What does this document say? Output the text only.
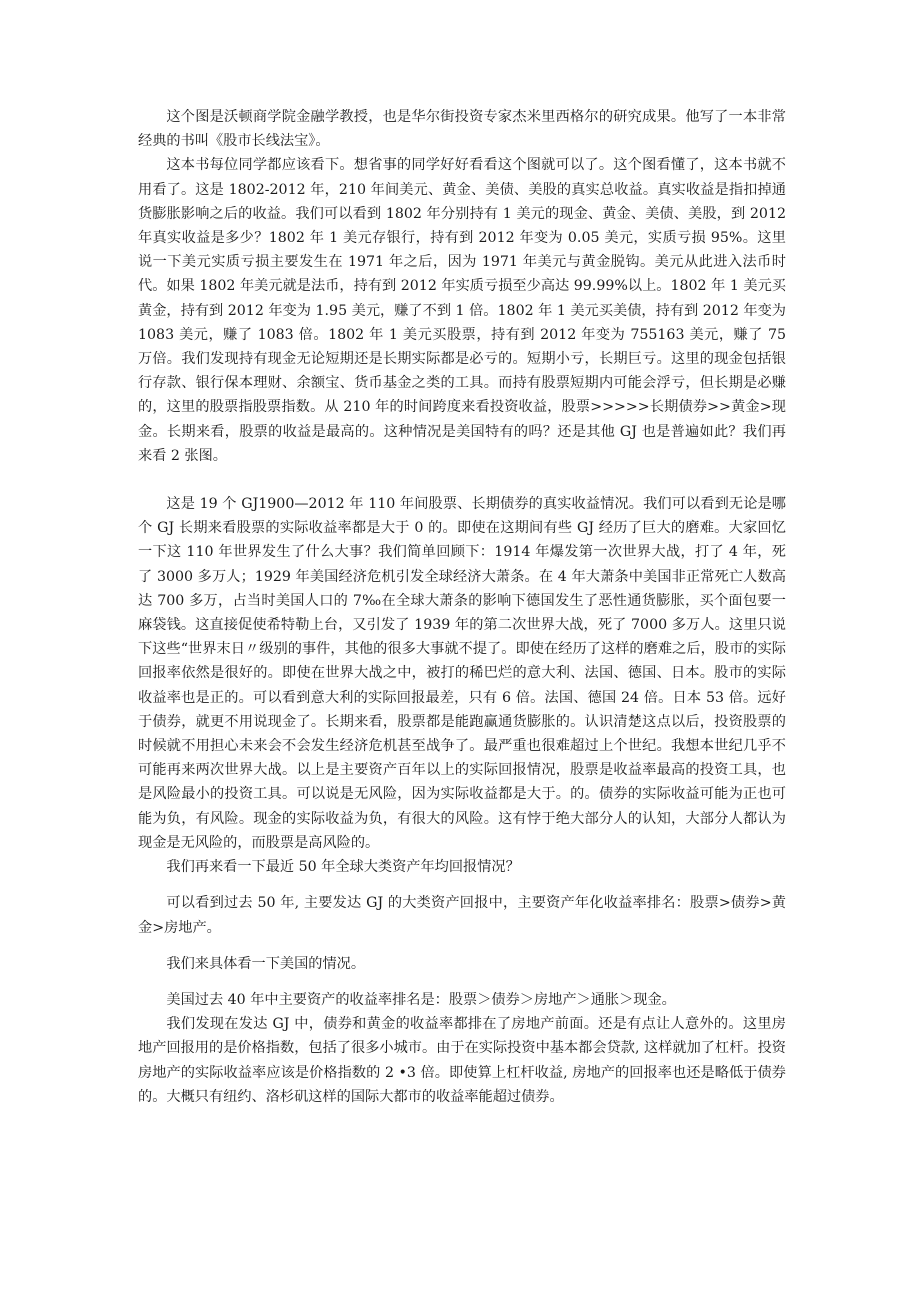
这个图是沃顿商学院金融学教授，也是华尔街投资专家杰米里西格尔的研究成果。他写了一本非常经典的书叫《股市长线法宝》。

这本书每位同学都应该看下。想省事的同学好好看看这个图就可以了。这个图看懂了，这本书就不用看了。这是 1802-2012 年，210 年间美元、黄金、美债、美股的真实总收益。真实收益是指扣掉通货膨胀影响之后的收益。我们可以看到 1802 年分别持有 1 美元的现金、黄金、美债、美股，到 2012 年真实收益是多少？1802 年 1 美元存银行，持有到 2012 年变为 0.05 美元，实质亏损 95%。这里说一下美元实质亏损主要发生在 1971 年之后，因为 1971 年美元与黄金脱钩。美元从此进入法币时代。如果 1802 年美元就是法币，持有到 2012 年实质亏损至少高达 99.99%以上。1802 年 1 美元买黄金，持有到 2012 年变为 1.95 美元，赚了不到 1 倍。1802 年 1 美元买美债，持有到 2012 年变为 1083 美元，赚了 1083 倍。1802 年 1 美元买股票，持有到 2012 年变为 755163 美元，赚了 75 万倍。我们发现持有现金无论短期还是长期实际都是必亏的。短期小亏，长期巨亏。这里的现金包括银行存款、银行保本理财、余额宝、货币基金之类的工具。而持有股票短期内可能会浮亏，但长期是必赚的，这里的股票指股票指数。从 210 年的时间跨度来看投资收益，股票>>>>>长期债券>>黄金>现金。长期来看，股票的收益是最高的。这种情况是美国特有的吗？还是其他 GJ 也是普遍如此？我们再来看 2 张图。

这是 19 个 GJ1900—2012 年 110 年间股票、长期债券的真实收益情况。我们可以看到无论是哪个 GJ 长期来看股票的实际收益率都是大于 0 的。即使在这期间有些 GJ 经历了巨大的磨难。大家回忆一下这 110 年世界发生了什么大事？我们简单回顾下：1914 年爆发第一次世界大战，打了 4 年，死了 3000 多万人；1929 年美国经济危机引发全球经济大萧条。在 4 年大萧条中美国非正常死亡人数高达 700 多万，占当时美国人口的 7‰在全球大萧条的影响下德国发生了恶性通货膨胀，买个面包要一麻袋钱。这直接促使希特勒上台，又引发了 1939 年的第二次世界大战，死了 7000 多万人。这里只说下这些“世界末日〃级别的事件，其他的很多大事就不提了。即使在经历了这样的磨难之后，股市的实际回报率依然是很好的。即使在世界大战之中，被打的稀巴烂的意大利、法国、德国、日本。股市的实际收益率也是正的。可以看到意大利的实际回报最差，只有 6 倍。法国、德国 24 倍。日本 53 倍。远好于债券，就更不用说现金了。长期来看，股票都是能跑赢通货膨胀的。认识清楚这点以后，投资股票的时候就不用担心未来会不会发生经济危机甚至战争了。最严重也很难超过上个世纪。我想本世纪几乎不可能再来两次世界大战。以上是主要资产百年以上的实际回报情况，股票是收益率最高的投资工具，也是风险最小的投资工具。可以说是无风险，因为实际收益都是大于。的。债券的实际收益可能为正也可能为负，有风险。现金的实际收益为负，有很大的风险。这有悖于绝大部分人的认知，大部分人都认为现金是无风险的，而股票是高风险的。

我们再来看一下最近 50 年全球大类资产年均回报情况？

可以看到过去 50 年, 主要发达 GJ 的大类资产回报中，主要资产年化收益率排名：股票>债券>黄金>房地产。

我们来具体看一下美国的情况。

美国过去 40 年中主要资产的收益率排名是：股票＞债券＞房地产＞通胀＞现金。

我们发现在发达 GJ 中，债券和黄金的收益率都排在了房地产前面。还是有点让人意外的。这里房地产回报用的是价格指数，包括了很多小城市。由于在实际投资中基本都会贷款, 这样就加了杠杆。投资房地产的实际收益率应该是价格指数的 2 •3 倍。即使算上杠杆收益, 房地产的回报率也还是略低于债券的。大概只有纽约、洛杉矶这样的国际大都市的收益率能超过债券。
